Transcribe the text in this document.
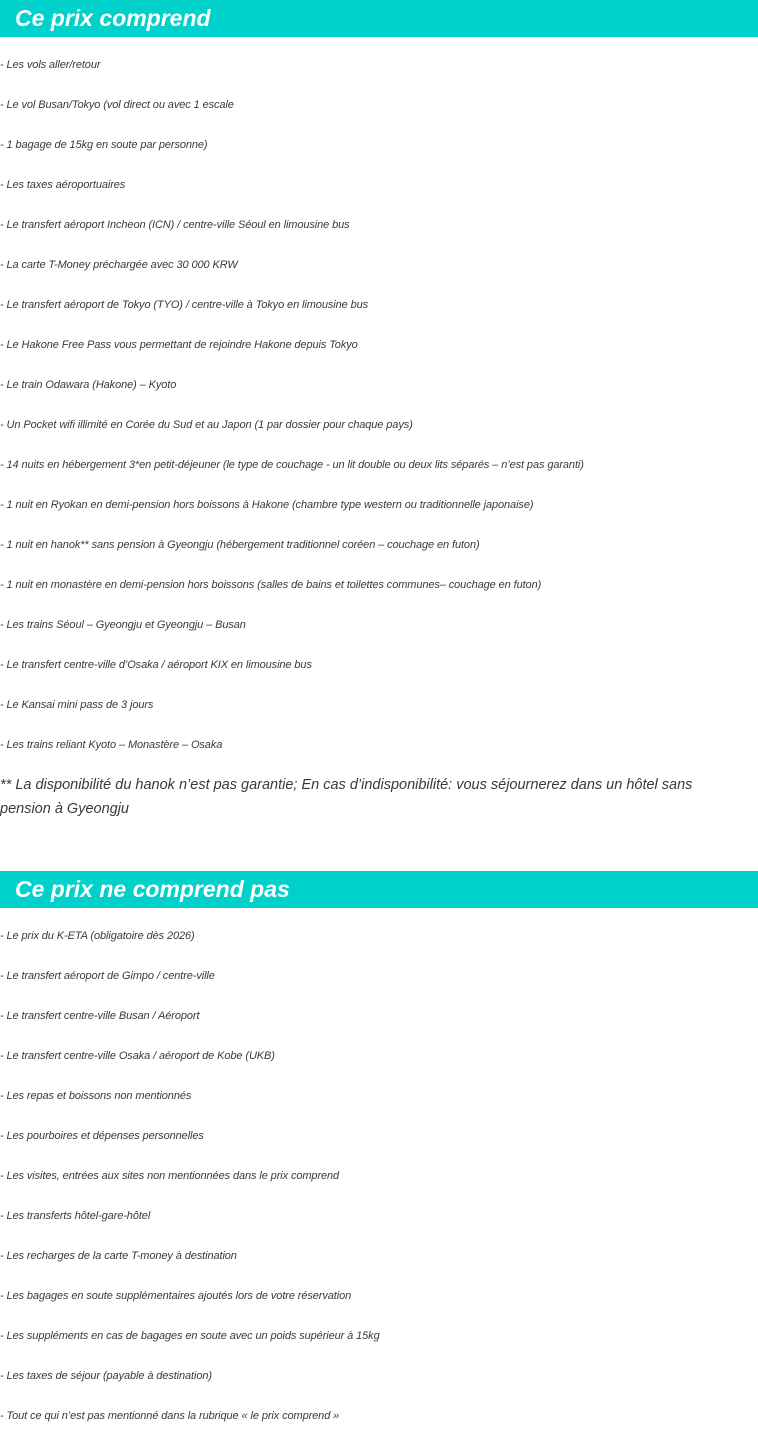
Ce prix comprend
- Les vols aller/retour
- Le vol Busan/Tokyo (vol direct ou avec 1 escale
- 1 bagage de 15kg en soute par personne)
- Les taxes aéroportuaires
- Le transfert aéroport Incheon (ICN) / centre-ville Séoul en limousine bus
- La carte T-Money préchargée avec 30 000 KRW
- Le transfert aéroport de Tokyo (TYO) / centre-ville à Tokyo en limousine bus
- Le Hakone Free Pass vous permettant de rejoindre Hakone depuis Tokyo
- Le train Odawara (Hakone) – Kyoto
- Un Pocket wifi illimité en Corée du Sud et au Japon (1 par dossier pour chaque pays)
- 14 nuits en hébergement 3*en petit-déjeuner (le type de couchage - un lit double ou deux lits séparés – n’est pas garanti)
- 1 nuit en Ryokan en demi-pension hors boissons à Hakone (chambre type western ou traditionnelle japonaise)
- 1 nuit en hanok** sans pension à Gyeongju (hébergement traditionnel coréen – couchage en futon)
- 1 nuit en monastère en demi-pension hors boissons (salles de bains et toilettes communes– couchage en futon)
- Les trains Séoul – Gyeongju et Gyeongju – Busan
- Le transfert centre-ville d’Osaka / aéroport KIX en limousine bus
- Le Kansai mini pass de 3 jours
- Les trains reliant Kyoto – Monastère – Osaka
** La disponibilité du hanok n’est pas garantie; En cas d’indisponibilité: vous séjournerez dans un hôtel sans pension à Gyeongju
Ce prix ne comprend pas
- Le prix du K-ETA (obligatoire dès 2026)
- Le transfert aéroport de Gimpo / centre-ville
- Le transfert centre-ville Busan / Aéroport
- Le transfert centre-ville Osaka / aéroport de Kobe (UKB)
- Les repas et boissons non mentionnés
- Les pourboires et dépenses personnelles
- Les visites, entrées aux sites non mentionnées dans le prix comprend
- Les transferts hôtel-gare-hôtel
- Les recharges de la carte T-money à destination
- Les bagages en soute supplémentaires ajoutés lors de votre réservation
- Les suppléments en cas de bagages en soute avec un poids supérieur à 15kg
- Les taxes de séjour (payable à destination)
- Tout ce qui n’est pas mentionné dans la rubrique « le prix comprend »
